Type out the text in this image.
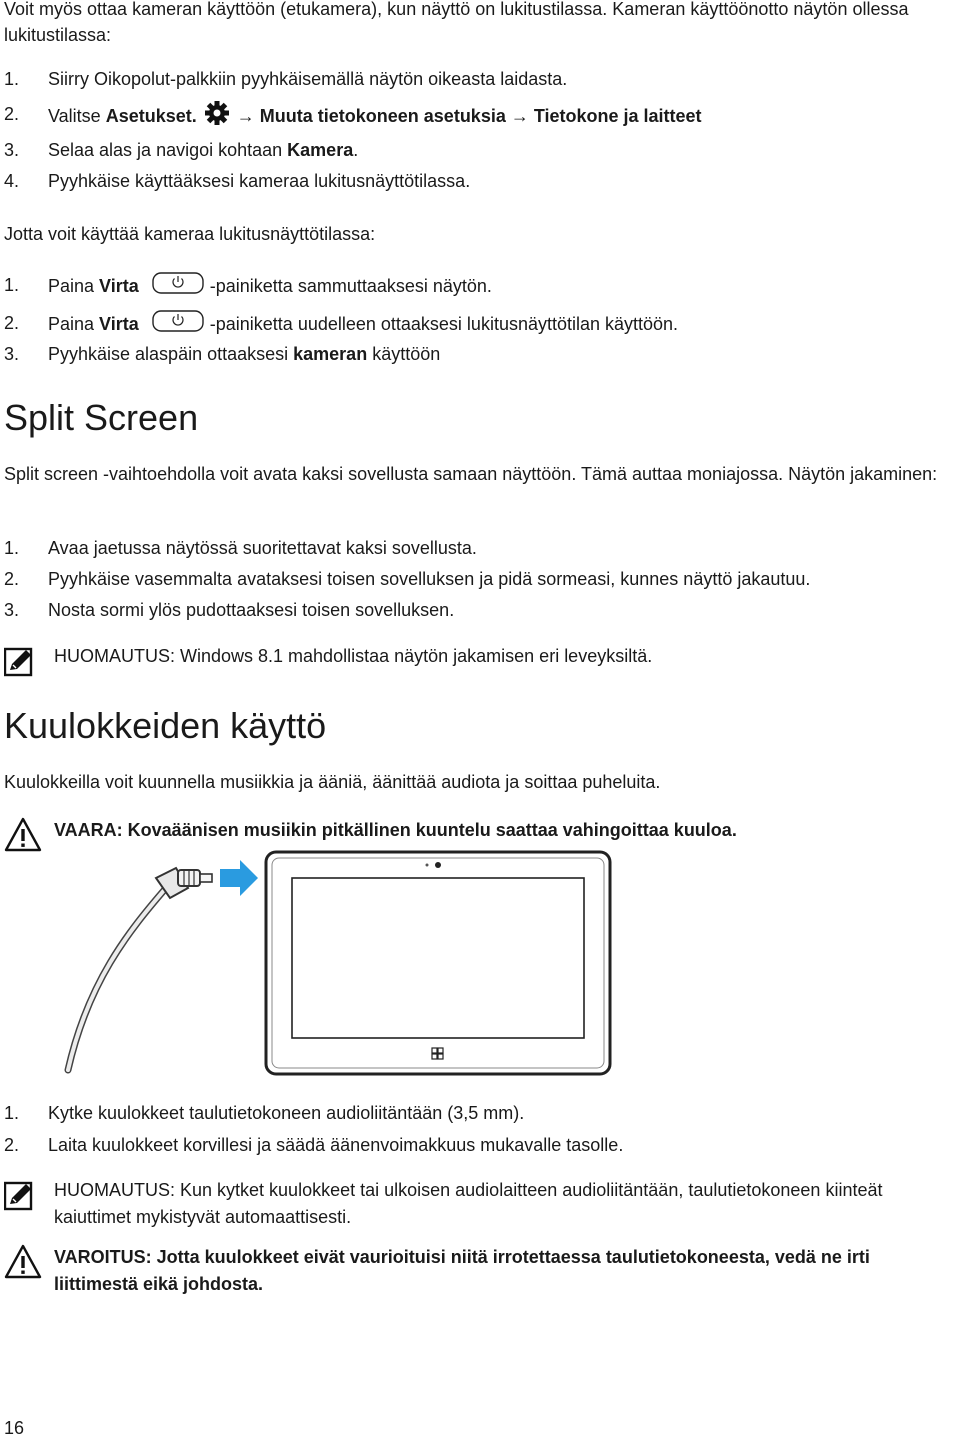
Voit myös ottaa kameran käyttöön (etukamera), kun näyttö on lukitustilassa. Kameran käyttöönotto näytön ollessa lukitustilassa:

1. Siirry Oikopolut-palkkiin pyyhkäisemällä näytön oikeasta laidasta.
2. Valitse Asetukset. → Muuta tietokoneen asetuksia → Tietokone ja laitteet
3. Selaa alas ja navigoi kohtaan Kamera.
4. Pyyhkäise käyttääksesi kameraa lukitusnäyttötilassa.

Jotta voit käyttää kameraa lukitusnäyttötilassa:

1. Paina Virta	-painiketta sammuttaaksesi näytön.
2. Paina Virta	-painiketta uudelleen ottaaksesi lukitusnäyttötilan käyttöön.
3. Pyyhkäise alaspäin ottaaksesi kameran käyttöön
Split Screen

Split screen -vaihtoehdolla voit avata kaksi sovellusta samaan näyttöön. Tämä auttaa moniajossa. Näytön jakaminen:

1. Avaa jaetussa näytössä suoritettavat kaksi sovellusta.
2. Pyyhkäise vasemmalta avataksesi toisen sovelluksen ja pidä sormeasi, kunnes näyttö jakautuu.
3. Nosta sormi ylös pudottaaksesi toisen sovelluksen.

HUOMAUTUS: Windows 8.1 mahdollistaa näytön jakamisen eri leveyksiltä.

Kuulokkeiden käyttö

Kuulokkeilla voit kuunnella musiikkia ja ääniä, äänittää audiota ja soittaa puheluita.

VAARA: Kovaäänisen musiikin pitkällinen kuuntelu saattaa vahingoittaa kuuloa.

1. Kytke kuulokkeet taulutietokoneen audioliitäntään (3,5 mm).
2. Laita kuulokkeet korvillesi ja säädä äänenvoimakkuus mukavalle tasolle.

HUOMAUTUS: Kun kytket kuulokkeet tai ulkoisen audiolaitteen audioliitäntään, taulutietokoneen kiinteät kaiuttimet mykistyvät automaattisesti.

VAROITUS: Jotta kuulokkeet eivät vaurioituisi niitä irrotettaessa taulutietokoneesta, vedä ne irti liittimestä eikä johdosta.

16
